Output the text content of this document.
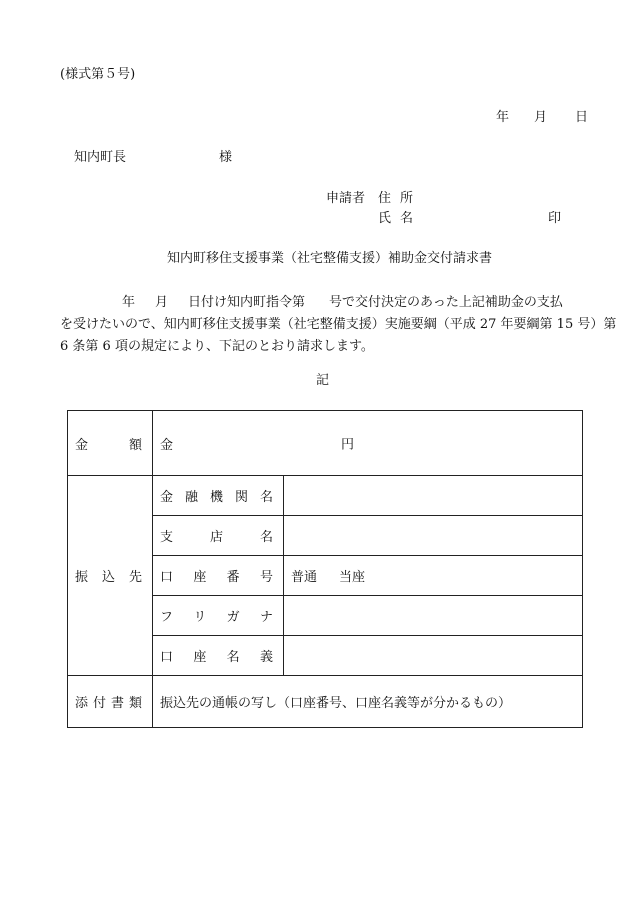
(様式第５号)
年 月 日
知内町長	様
申請者 住所
氏名	印
知内町移住支援事業（社宅整備支援）補助金交付請求書
年 月 日付け知内町指令第 号で交付決定のあった上記補助金の支払
を受けたいので、知内町移住支援事業（社宅整備支援）実施要綱（平成 27 年要綱第 15 号）第
6 条第 6 項の規定により、下記のとおり請求します。
記
金 額	金 円	

振 込 先	金 融 機 関 名	

	支 店 名	

	口 座 番 号	普通 当座

	フ リ ガ ナ	

	口 座 名 義	

添 付 書 類	振込先の通帳の写し（口座番号、口座名義等が分かるもの）	
